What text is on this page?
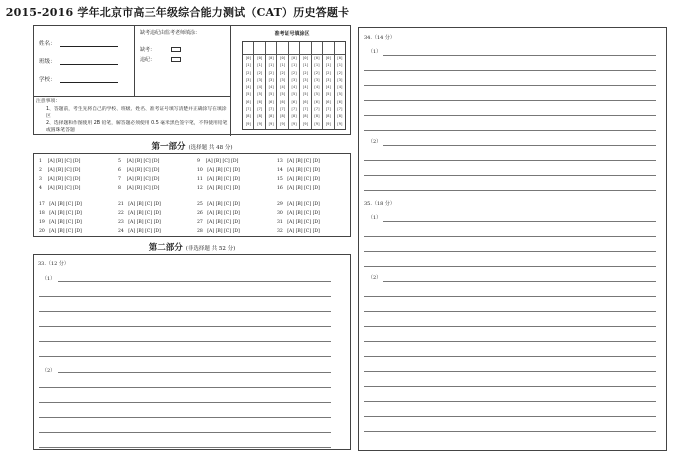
2015-2016 学年北京市高三年级综合能力测试（CAT）历史答题卡
姓名：
班级：
学校：
缺考违纪由监考老师填涂：
缺考：
违纪：
注意事项：
1、答题前，考生先将自己的学校、班级、姓名、准考证号填写清楚并正确涂写在填涂区
2、选择题和作图使用 2B 铅笔，解答题必须使用 0.5 毫米黑色签字笔，不得使用铅笔或圆珠笔答题
准考证号填涂区
[0]
[1]
[2]
[3]
[4]
[5]
[6]
[7]
[8]
[9]
[0]
[1]
[2]
[3]
[4]
[5]
[6]
[7]
[8]
[9]
[0]
[1]
[2]
[3]
[4]
[5]
[6]
[7]
[8]
[9]
[0]
[1]
[2]
[3]
[4]
[5]
[6]
[7]
[8]
[9]
[0]
[1]
[2]
[3]
[4]
[5]
[6]
[7]
[8]
[9]
[0]
[1]
[2]
[3]
[4]
[5]
[6]
[7]
[8]
[9]
[0]
[1]
[2]
[3]
[4]
[5]
[6]
[7]
[8]
[9]
[0]
[1]
[2]
[3]
[4]
[5]
[6]
[7]
[8]
[9]
[0]
[1]
[2]
[3]
[4]
[5]
[6]
[7]
[8]
[9]
第一部分 (选择题 共 48 分)
1    [A] [B] [C] [D]
2    [A] [B] [C] [D]
3    [A] [B] [C] [D]
4    [A] [B] [C] [D]
5    [A] [B] [C] [D]
6    [A] [B] [C] [D]
7    [A] [B] [C] [D]
8    [A] [B] [C] [D]
9    [A] [B] [C] [D]
10   [A] [B] [C] [D]
11   [A] [B] [C] [D]
12   [A] [B] [C] [D]
13   [A] [B] [C] [D]
14   [A] [B] [C] [D]
15   [A] [B] [C] [D]
16   [A] [B] [C] [D]
17   [A] [B] [C] [D]
18   [A] [B] [C] [D]
19   [A] [B] [C] [D]
20   [A] [B] [C] [D]
21   [A] [B] [C] [D]
22   [A] [B] [C] [D]
23   [A] [B] [C] [D]
24   [A] [B] [C] [D]
25   [A] [B] [C] [D]
26   [A] [B] [C] [D]
27   [A] [B] [C] [D]
28   [A] [B] [C] [D]
29   [A] [B] [C] [D]
30   [A] [B] [C] [D]
31   [A] [B] [C] [D]
32   [A] [B] [C] [D]
第二部分 (非选择题 共 52 分)
33.（12 分）
（1）
（2）
34.（14 分）
（1）
（2）
35.（18 分）
（1）
（2）
